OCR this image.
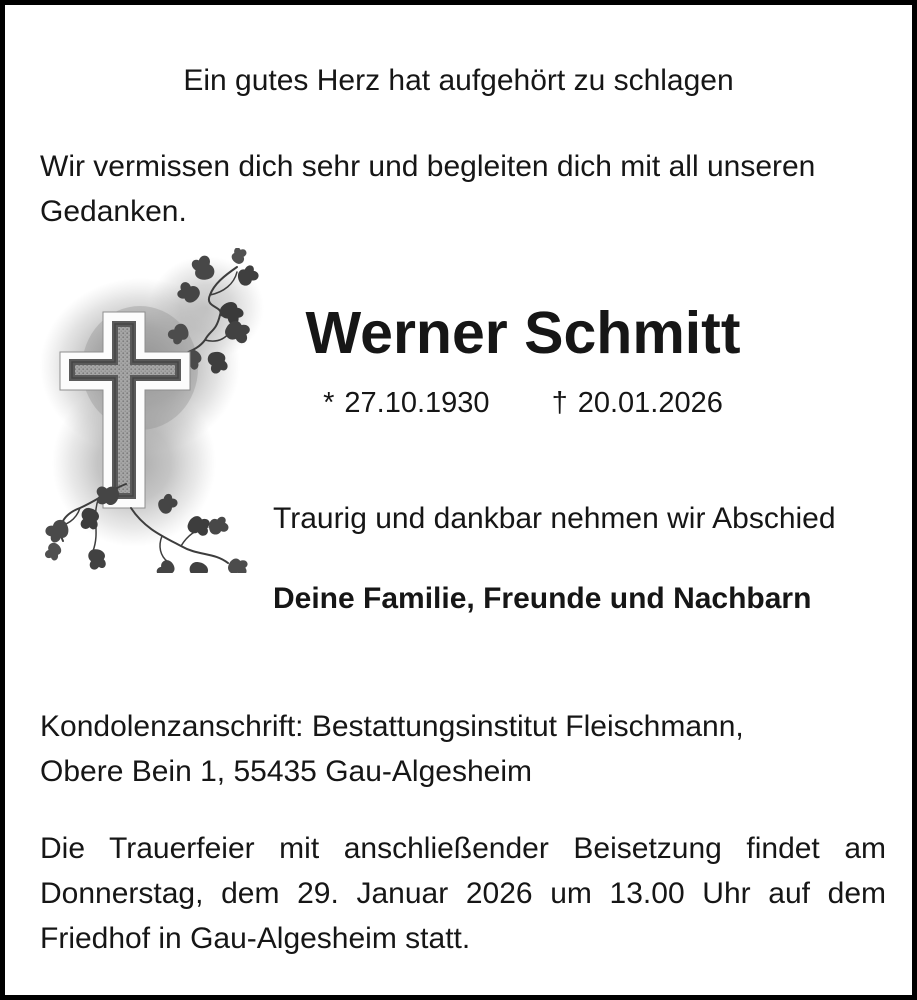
Ein gutes Herz hat aufgehört zu schlagen
Wir vermissen dich sehr und begleiten dich mit all unseren
Gedanken.
Werner Schmitt
* 27.10.1930 † 20.01.2026
Traurig und dankbar nehmen wir Abschied
Deine Familie, Freunde und Nachbarn
Kondolenzanschrift: Bestattungsinstitut Fleischmann,
Obere Bein 1, 55435 Gau-Algesheim
Die Trauerfeier mit anschließender Beisetzung findet am
Donnerstag, dem 29. Januar 2026 um 13.00 Uhr auf dem
Friedhof in Gau-Algesheim statt.
